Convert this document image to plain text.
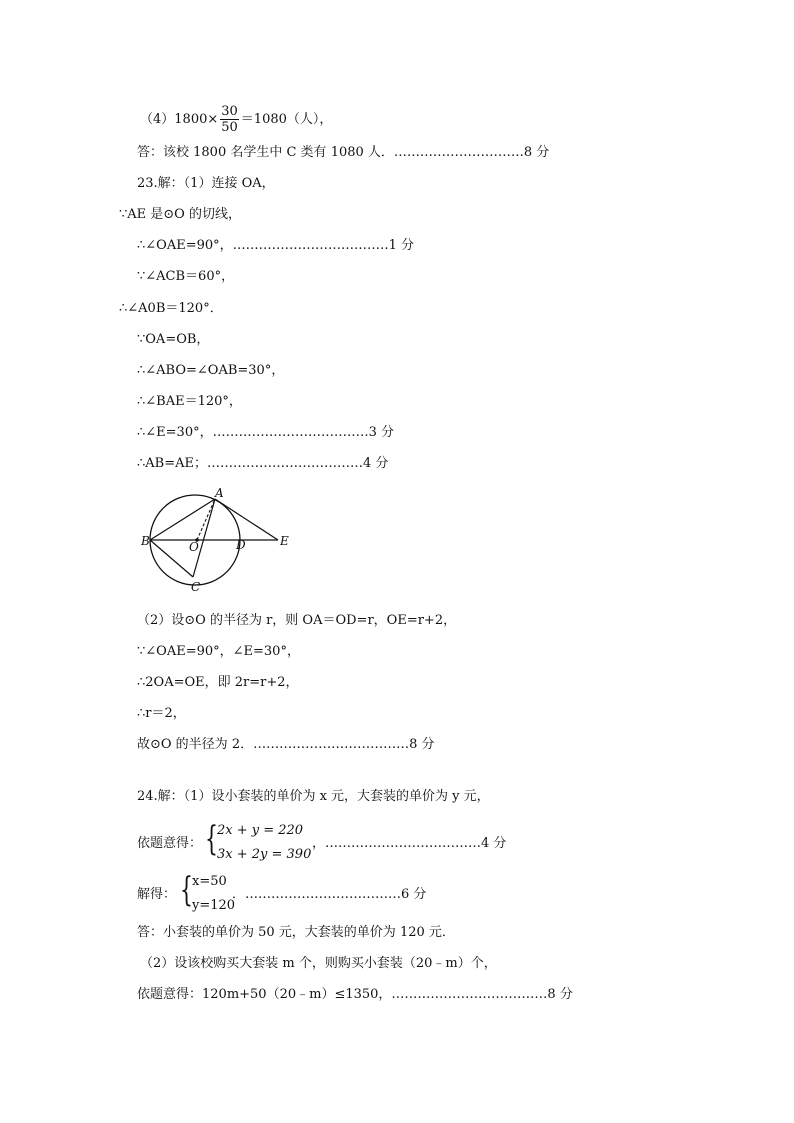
$(4)1800\times \frac{30}{50} =1080$（人），
答：该校 1800 名学生中 C 类有 1080 人．…………………………8 分
23.解：（1）连接 OA，
∵AE 是⊙O 的切线，
∴∠OAE=90°，………………………………1 分
∵∠ACB＝60°，
∴∠A0B＝120°．
∵OA=OB，
∴∠ABO=∠OAB=30°，
∴∠BAE＝120°，
∴∠E=30°，………………………………3 分
∴AB=AE；………………………………4 分
A
B
C
D	E
O
（2）设⊙O 的半径为 r，则 OA＝OD=r，OE=r+2，
∵∠OAE=90°，∠E=30°，
∴2OA=OE，即 2r=r+2，
∴r＝2，
故⊙O 的半径为 2．………………………………8 分
24.解：（1）设小套装的单价为 x 元，大套装的单价为 y 元，
依题意得： { 2x + y = 220
3x + 2y = 390
，………………………………4 分
解得： { x=50
y=120
．………………………………6 分
答：小套装的单价为 50 元，大套装的单价为 120 元．
（2）设该校购买大套装 m 个，则购买小套装（20﹣m）个，
依题意得：120m+50（20﹣m）≤1350，………………………………8 分
